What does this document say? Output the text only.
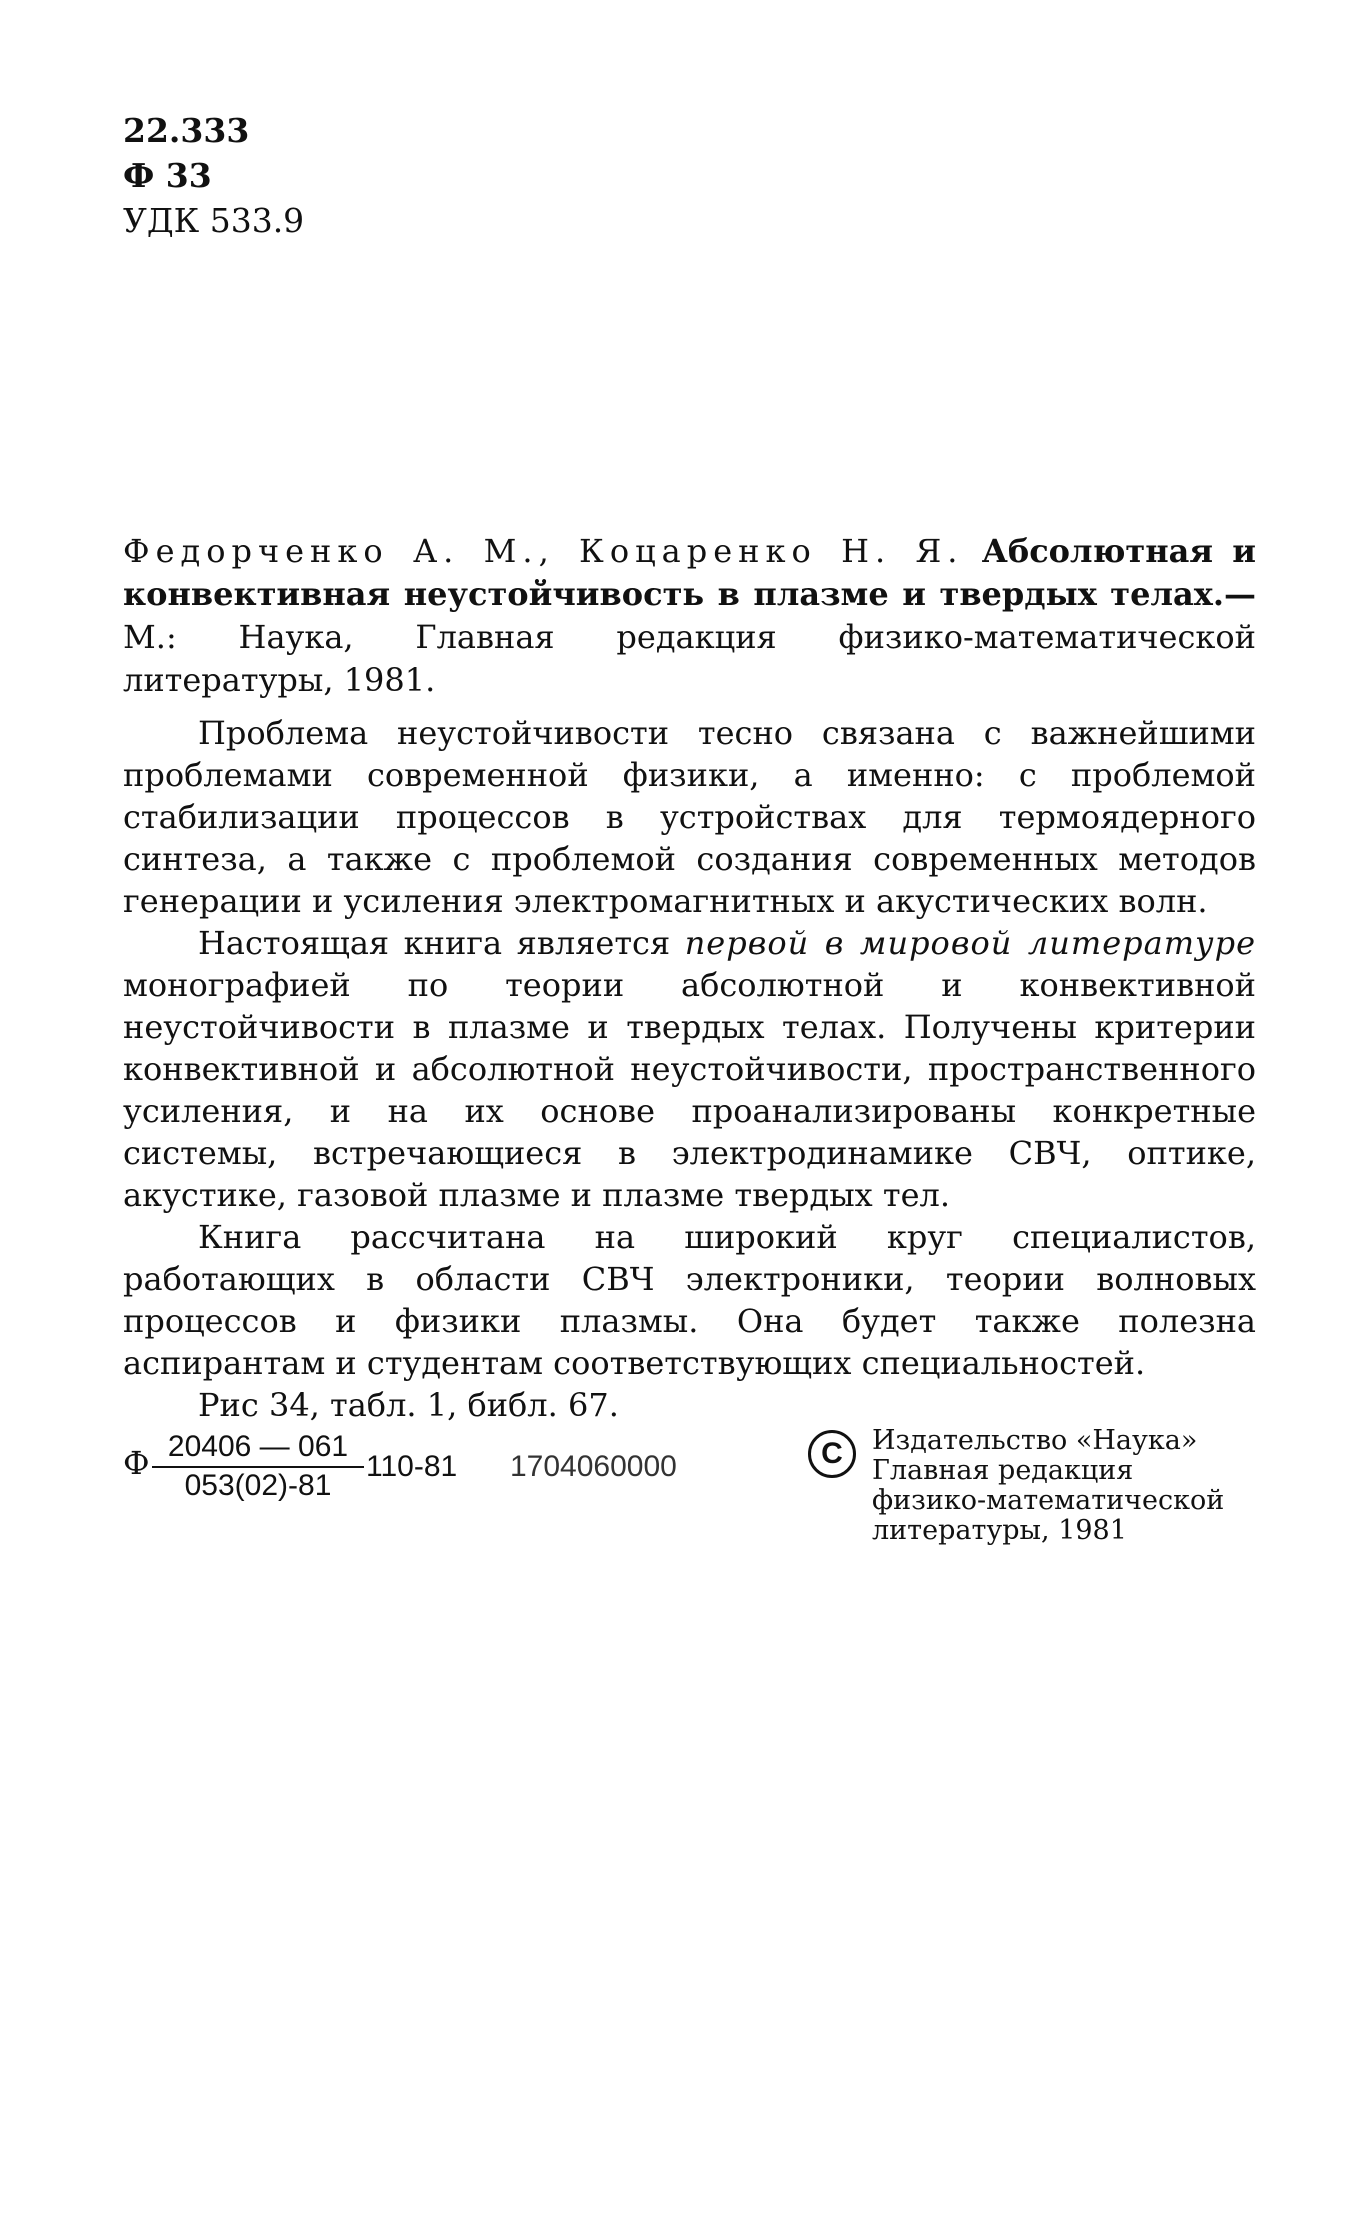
22.333
Ф 33
УДК 533.9
Федорченко А. М., Коцаренко Н. Я. Абсолютная и конвективная неустойчивость в плазме и твердых телах.— М.: Наука, Главная редакция физико-математической литературы, 1981.

Проблема неустойчивости тесно связана с важнейшими проблемами современной физики, а именно: с проблемой стабилизации процессов в устройствах для термоядерного синтеза, а также с проблемой создания современных методов генерации и усиления электромагнитных и акустических волн.

Настоящая книга является первой в мировой литературе монографией по теории абсолютной и конвективной неустойчивости в плазме и твердых телах. Получены критерии конвективной и абсолютной неустойчивости, пространственного усиления, и на их основе проанализированы конкретные системы, встречающиеся в электродинамике СВЧ, оптике, акустике, газовой плазме и плазме твердых тел.

Книга рассчитана на широкий круг специалистов, работающих в области СВЧ электроники, теории волновых процессов и физики плазмы. Она будет также полезна аспирантам и студентам соответствующих специальностей.

Рис 34, табл. 1, библ. 67.

Ф $\frac{20406 — 061}{053(02)-81} 110-81$ 1704060000	C	Издательство «Наука»
Главная редакция
физико-математической
литературы, 1981
